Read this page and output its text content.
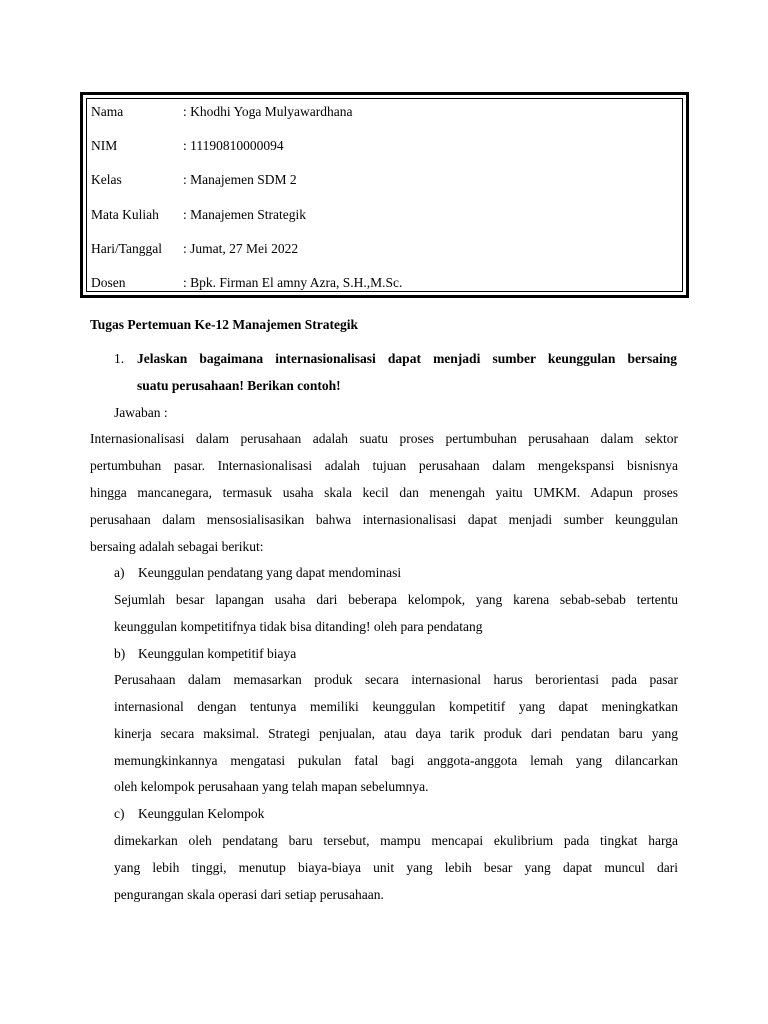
Nama	: Khodhi Yoga Mulyawardhana
NIM	: 11190810000094
Kelas	: Manajemen SDM 2
Mata Kuliah	: Manajemen Strategik
Hari/Tanggal	: Jumat, 27 Mei 2022
Dosen	: Bpk. Firman El amny Azra, S.H.,M.Sc.
Tugas Pertemuan Ke-12 Manajemen Strategik
1. Jelaskan bagaimana internasionalisasi dapat menjadi sumber keunggulan bersaing
suatu perusahaan! Berikan contoh!
Jawaban :
Internasionalisasi dalam perusahaan adalah suatu proses pertumbuhan perusahaan dalam sektor
pertumbuhan pasar. Internasionalisasi adalah tujuan perusahaan dalam mengekspansi bisnisnya
hingga mancanegara, termasuk usaha skala kecil dan menengah yaitu UMKM. Adapun proses
perusahaan dalam mensosialisasikan bahwa internasionalisasi dapat menjadi sumber keunggulan
bersaing adalah sebagai berikut:
a) Keunggulan pendatang yang dapat mendominasi
Sejumlah besar lapangan usaha dari beberapa kelompok, yang karena sebab-sebab tertentu
keunggulan kompetitifnya tidak bisa ditanding! oleh para pendatang
b) Keunggulan kompetitif biaya
Perusahaan dalam memasarkan produk secara internasional harus berorientasi pada pasar
internasional dengan tentunya memiliki keunggulan kompetitif yang dapat meningkatkan
kinerja secara maksimal. Strategi penjualan, atau daya tarik produk dari pendatan baru yang
memungkinkannya mengatasi pukulan fatal bagi anggota-anggota lemah yang dilancarkan
oleh kelompok perusahaan yang telah mapan sebelumnya.
c) Keunggulan Kelompok
dimekarkan oleh pendatang baru tersebut, mampu mencapai ekulibrium pada tingkat harga
yang lebih tinggi, menutup biaya-biaya unit yang lebih besar yang dapat muncul dari
pengurangan skala operasi dari setiap perusahaan.
